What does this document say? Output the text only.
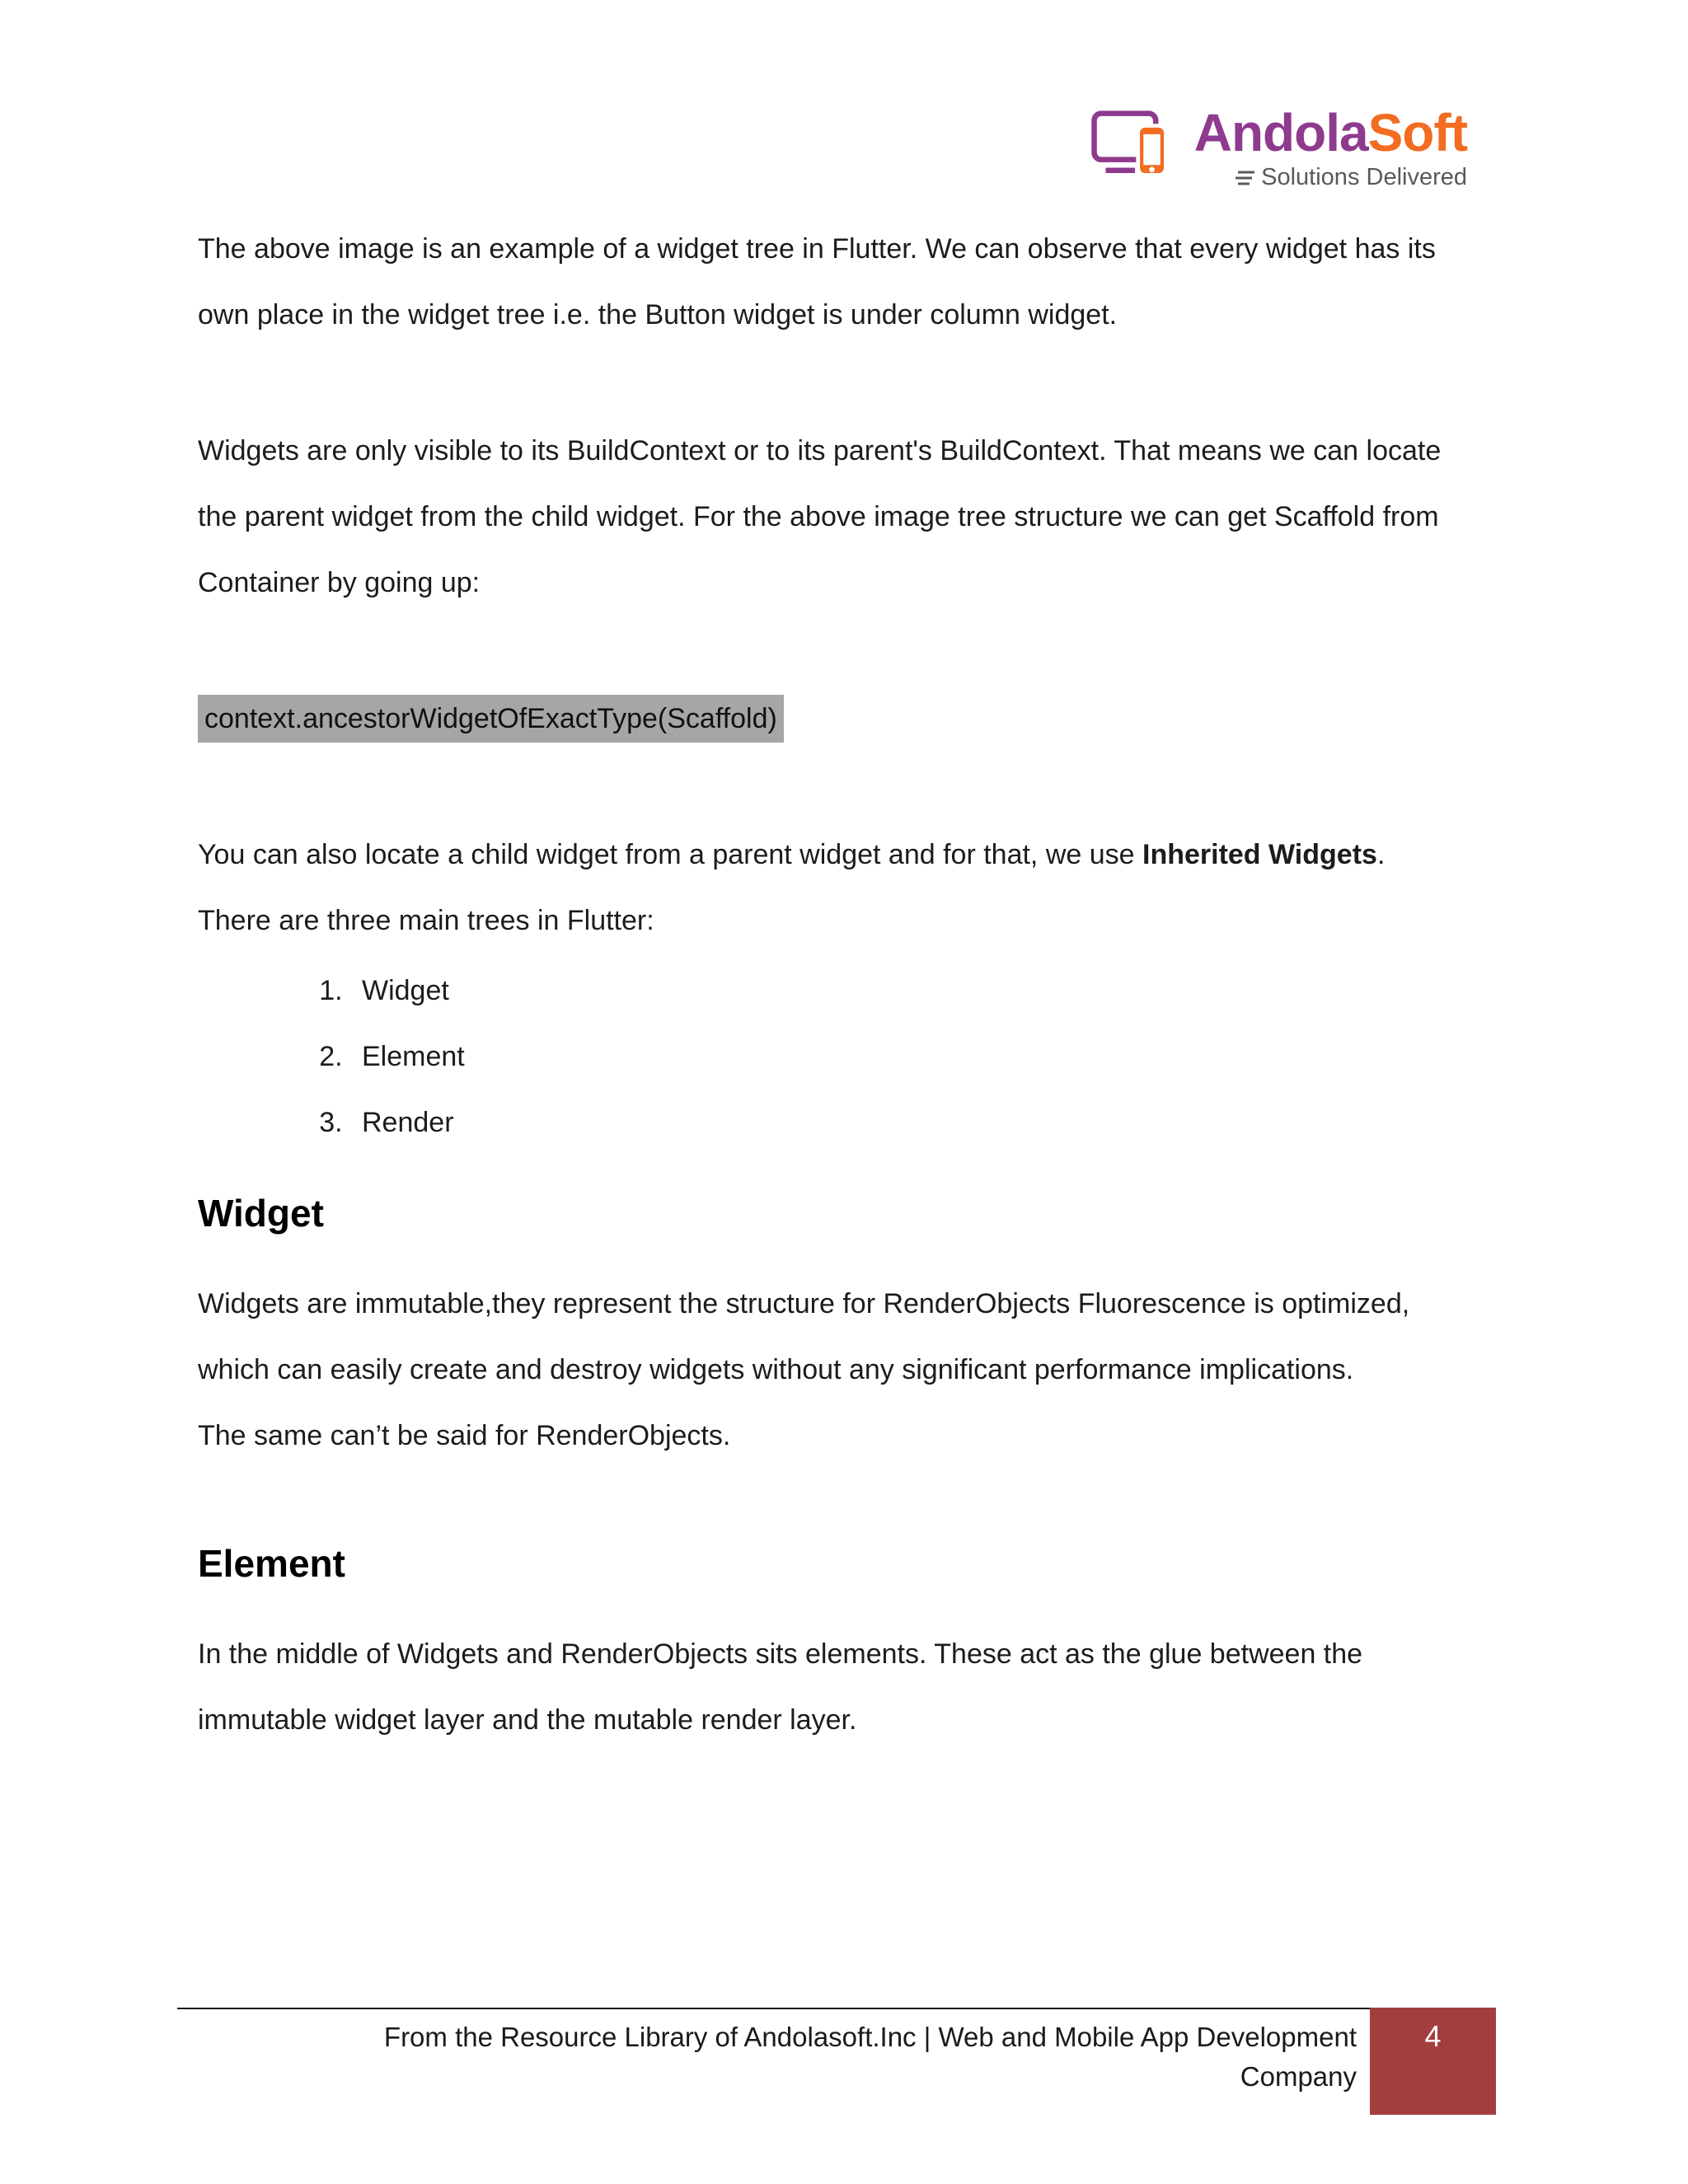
AndolaSoft
Solutions Delivered

The above image is an example of a widget tree in Flutter. We can observe that every widget has its own place in the widget tree i.e. the Button widget is under column widget.

Widgets are only visible to its BuildContext or to its parent's BuildContext. That means we can locate the parent widget from the child widget. For the above image tree structure we can get Scaffold from Container by going up:

context.ancestorWidgetOfExactType(Scaffold)

You can also locate a child widget from a parent widget and for that, we use Inherited Widgets.

There are three main trees in Flutter:

1. Widget
2. Element
3. Render
Widget

Widgets are immutable,they represent the structure for RenderObjects Fluorescence is optimized, which can easily create and destroy widgets without any significant performance implications.

The same can’t be said for RenderObjects.

Element

In the middle of Widgets and RenderObjects sits elements. These act as the glue between the immutable widget layer and the mutable render layer.

From the Resource Library of Andolasoft.Inc | Web and Mobile App Development Company
4
